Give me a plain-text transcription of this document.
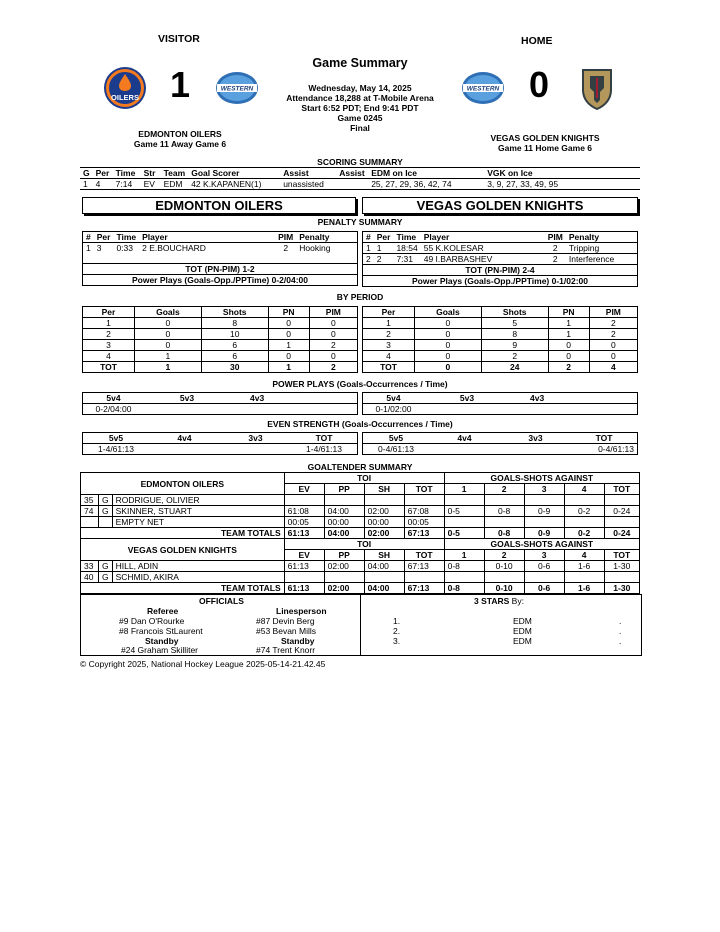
VISITOR	HOME
Game Summary
OILERS 1	WESTERN	Wednesday, May 14, 2025
Attendance 18,288 at T-Mobile Arena
Start 6:52 PDT; End 9:41 PDT
Game 0245
Final
WESTERN 0
EDMONTON OILERS
Game 11 Away Game 6
VEGAS GOLDEN KNIGHTS
Game 11 Home Game 6
SCORING SUMMARY
G	Per	Time	Str	Team	Goal Scorer	Assist	Assist	EDM on Ice	VGK on Ice
1	4	7:14	EV	EDM	42 K.KAPANEN(1)	unassisted		25, 27, 29, 36, 42, 74	3, 9, 27, 33, 49, 95
EDMONTON OILERS	VEGAS GOLDEN KNIGHTS
PENALTY SUMMARY
#	Per	Time	Player	PIM	Penalty
1	3	0:33	2 E.BOUCHARD	2	Hooking

TOT (PN-PIM) 1-2					
Power Plays (Goals-Opp./PPTime) 0-2/04:00					
#	Per	Time	Player	PIM	Penalty
1	1	18:54	55 K.KOLESAR	2	Tripping
2	2	7:31	49 I.BARBASHEV	2	Interference
TOT (PN-PIM) 2-4					
Power Plays (Goals-Opp./PPTime) 0-1/02:00					
BY PERIOD
Per	Goals	Shots	PN	PIM
1	0	8	0	0
2	0	10	0	0
3	0	6	1	2
4	1	6	0	0
TOT	1	30	1	2
Per	Goals	Shots	PN	PIM
1	0	5	1	2
2	0	8	1	2
3	0	9	0	0
4	0	2	0	0
TOT	0	24	2	4
POWER PLAYS (Goals-Occurrences / Time)
5v4	5v3	4v3
0-2/04:00		
5v4	5v3	4v3
0-1/02:00		
EVEN STRENGTH (Goals-Occurrences / Time)
5v5	4v4	3v3	TOT
1-4/61:13			1-4/61:13
5v5	4v4	3v3	TOT
0-4/61:13			0-4/61:13
GOALTENDER SUMMARY
EDMONTON OILERS			TOI				GOALS-SHOTS AGAINST				
			EV	PP	SH	TOT	1	2	3	4	TOT
35	G	RODRIGUE, OLIVIER									
74	G	SKINNER, STUART	61:08	04:00	02:00	67:08	0-5	0-8	0-9	0-2	0-24
		EMPTY NET	00:05	00:00	00:00	00:05					
TEAM TOTALS			61:13	04:00	02:00	67:13	0-5	0-8	0-9	0-2	0-24
VEGAS GOLDEN KNIGHTS			TOI				GOALS-SHOTS AGAINST				
			EV	PP	SH	TOT	1	2	3	4	TOT
33	G	HILL, ADIN	61:13	02:00	04:00	67:13	0-8	0-10	0-6	1-6	1-30
40	G	SCHMID, AKIRA									
TEAM TOTALS			61:13	02:00	04:00	67:13	0-8	0-10	0-6	1-6	1-30
OFFICIALS
Referee	Linesperson
#9 Dan O'Rourke	#87 Devin Berg
#8 Francois StLaurent	#53 Bevan Mills
Standby	Standby
#24 Graham Skilliter	#74 Trent Knorr
3 STARS By:
1.	EDM	.
2.	EDM	.
3.	EDM	.
© Copyright 2025, National Hockey League 2025-05-14-21.42.45
